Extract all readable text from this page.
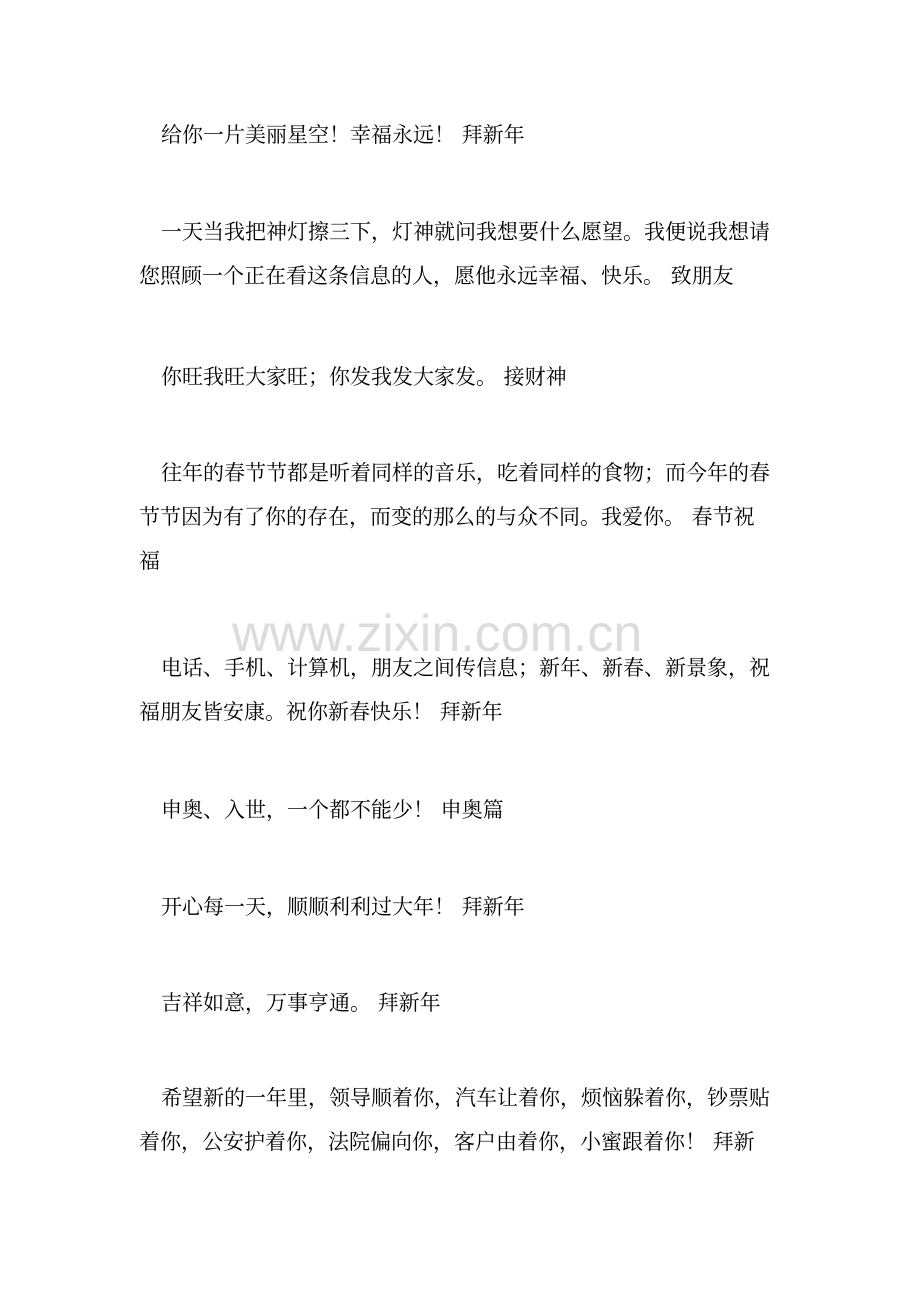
给你一片美丽星空！幸福永远！ 拜新年

一天当我把神灯擦三下，灯神就问我想要什么愿望。我便说我想请
您照顾一个正在看这条信息的人，愿他永远幸福、快乐。 致朋友

你旺我旺大家旺；你发我发大家发。 接财神

往年的春节节都是听着同样的音乐，吃着同样的食物；而今年的春
节节因为有了你的存在，而变的那么的与众不同。我爱你。 春节祝
福

www.zixin.com.cn

电话、手机、计算机，朋友之间传信息；新年、新春、新景象，祝
福朋友皆安康。祝你新春快乐！ 拜新年

申奥、入世，一个都不能少！ 申奥篇

开心每一天，顺顺利利过大年！ 拜新年

吉祥如意，万事亨通。 拜新年

希望新的一年里，领导顺着你，汽车让着你，烦恼躲着你，钞票贴
着你，公安护着你，法院偏向你，客户由着你，小蜜跟着你！ 拜新
